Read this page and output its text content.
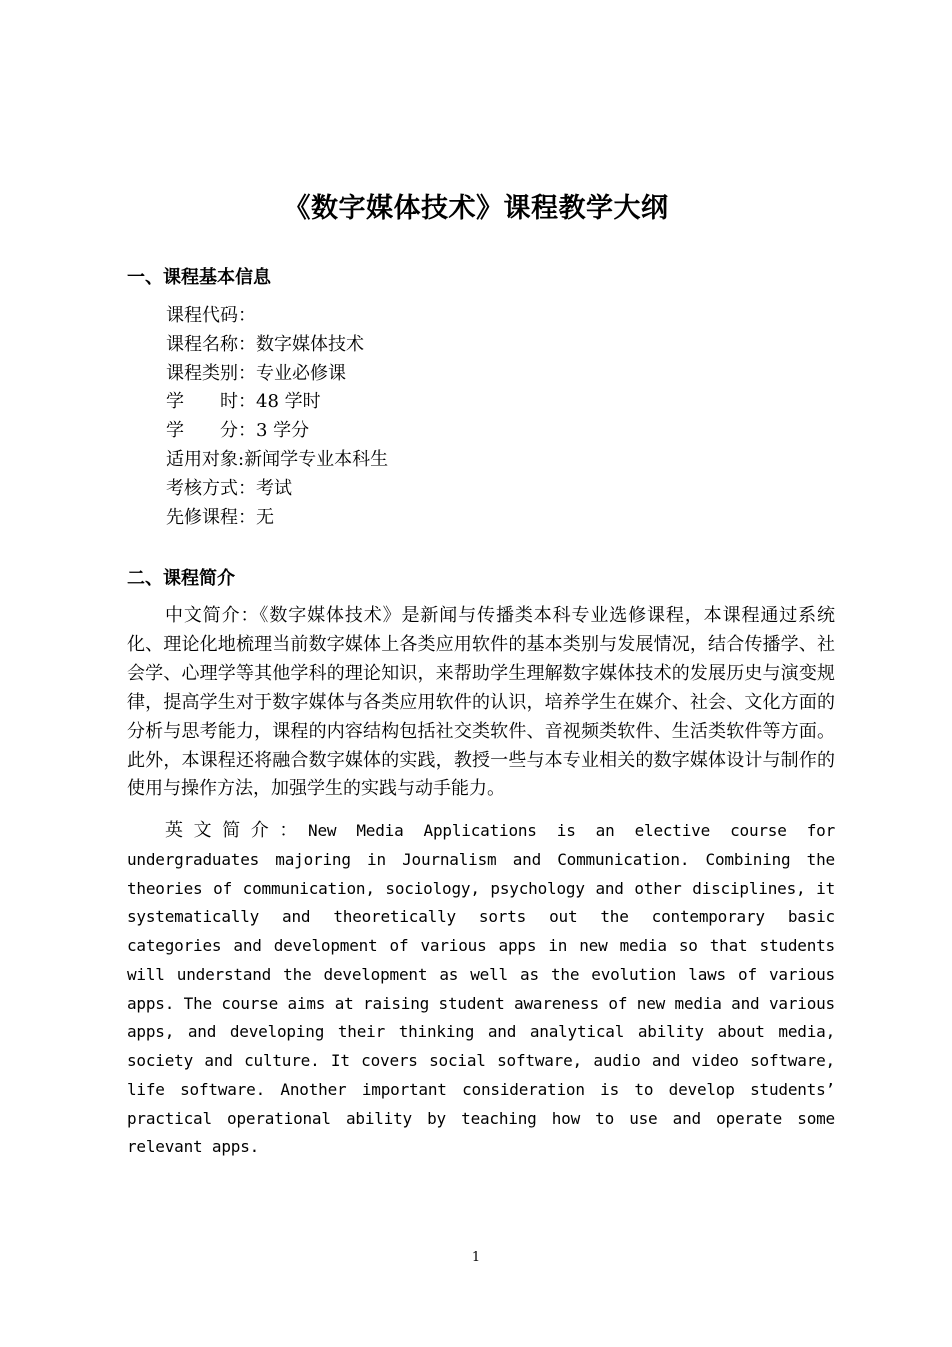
《数字媒体技术》课程教学大纲
一、课程基本信息
课程代码：
课程名称：数字媒体技术
课程类别：专业必修课
学 时：48 学时
学 分：3 学分
适用对象:新闻学专业本科生
考核方式：考试
先修课程：无
二、课程简介

中文简介：《数字媒体技术》是新闻与传播类本科专业选修课程，本课程通过系统化、理论化地梳理当前数字媒体上各类应用软件的基本类别与发展情况，结合传播学、社会学、心理学等其他学科的理论知识，来帮助学生理解数字媒体技术的发展历史与演变规律，提高学生对于数字媒体与各类应用软件的认识，培养学生在媒介、社会、文化方面的分析与思考能力，课程的内容结构包括社交类软件、音视频类软件、生活类软件等方面。此外，本课程还将融合数字媒体的实践，教授一些与本专业相关的数字媒体设计与制作的使用与操作方法，加强学生的实践与动手能力。

英文简介：New Media Applications is an elective course for undergraduates majoring in Journalism and Communication. Combining the theories of communication, sociology, psychology and other disciplines, it systematically and theoretically sorts out the contemporary basic categories and development of various apps in new media so that students will understand the development as well as the evolution laws of various apps. The course aims at raising student awareness of new media and various apps, and developing their thinking and analytical ability about media, society and culture. It covers social software, audio and video software, life software. Another important consideration is to develop students’ practical operational ability by teaching how to use and operate some relevant apps.

1
